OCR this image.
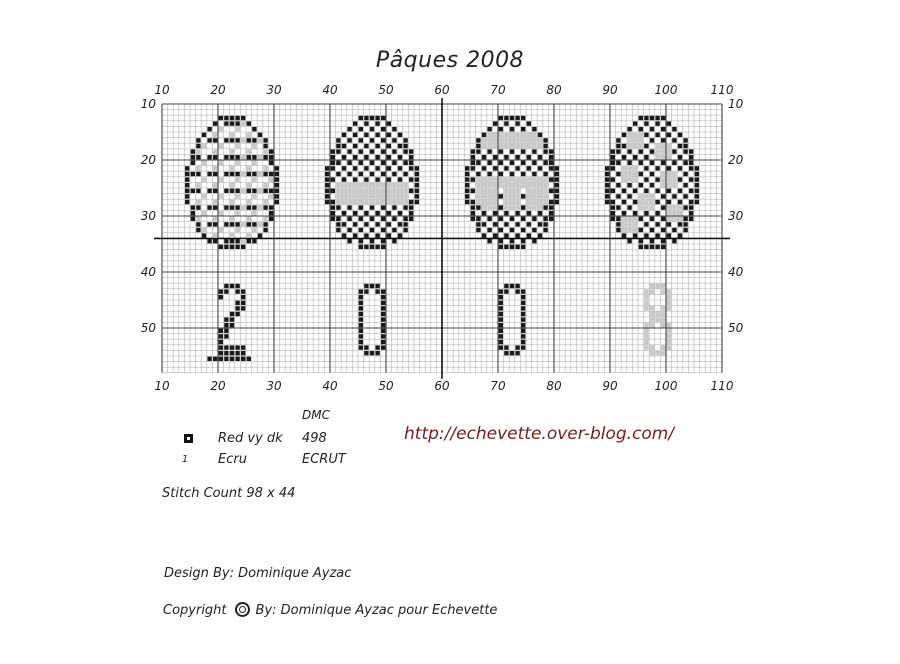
Pâques 2008
10
10
20
20
30
30
40
40
50
50
60
60
70
70
80
80
90
90
100
100
110
110
10	10
20	20
30	30
40	40
50	50
DMC
Red vy dk 498
1 Ecru	ECRUT
http://echevette.over-blog.com/
Stitch Count 98 x 44
Design By: Dominique Ayzac
Copyright By: Dominique Ayzac pour Echevette
